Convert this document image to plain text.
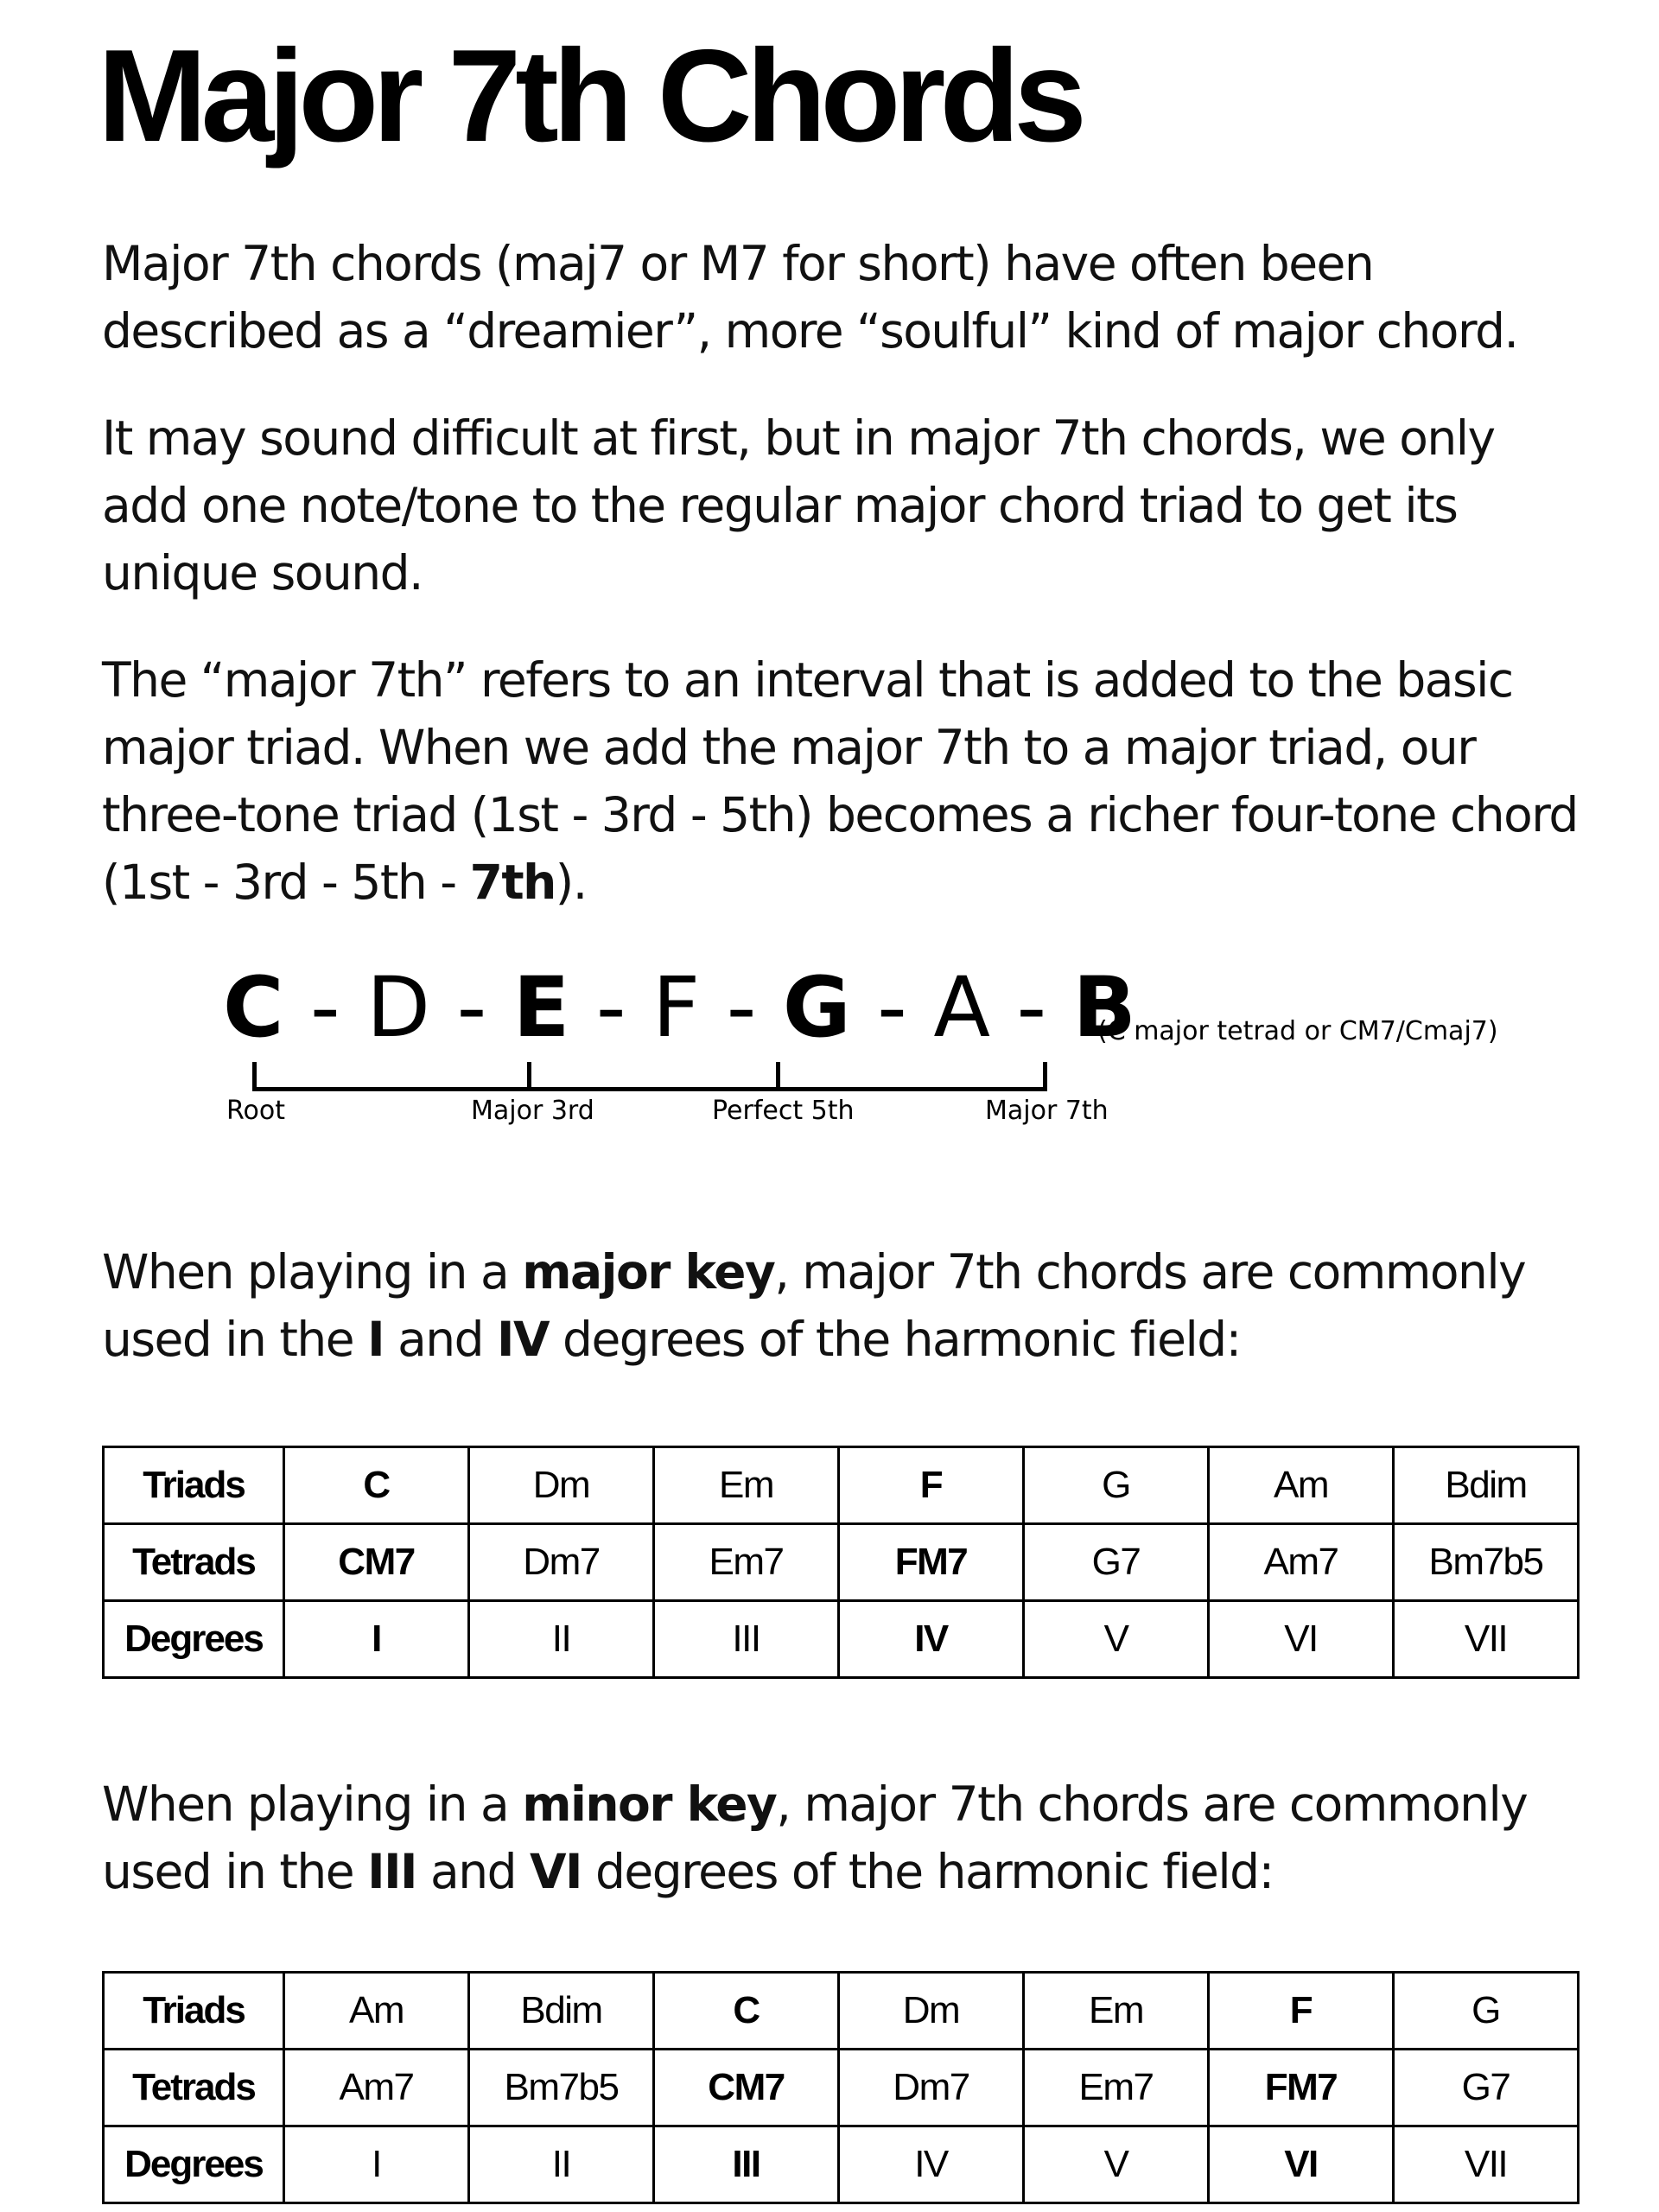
Major 7th Chords

Major 7th chords (maj7 or M7 for short) have often been described as a “dreamier”, more “soulful” kind of major chord.

It may sound difficult at first, but in major 7th chords, we only add one note/tone to the regular major chord triad to get its unique sound.

The “major 7th” refers to an interval that is added to the basic major triad. When we add the major 7th to a major triad, our three-tone triad (1st - 3rd - 5th) becomes a richer four-tone chord (1st - 3rd - 5th - 7th).

C - D - E - F - G - A - B
(C major tetrad or CM7/Cmaj7)
Root	Major 3rd	Perfect 5th	Major 7th

When playing in a major key, major 7th chords are commonly used in the I and IV degrees of the harmonic field:

Triads	C	Dm	Em	F	G	Am	Bdim
Tetrads	CM7	Dm7	Em7	FM7	G7	Am7	Bm7b5
Degrees	I	II	III	IV	V	VI	VII

When playing in a minor key, major 7th chords are commonly used in the III and VI degrees of the harmonic field:

Triads	Am	Bdim	C	Dm	Em	F	G
Tetrads	Am7	Bm7b5	CM7	Dm7	Em7	FM7	G7
Degrees	I	II	III	IV	V	VI	VII
